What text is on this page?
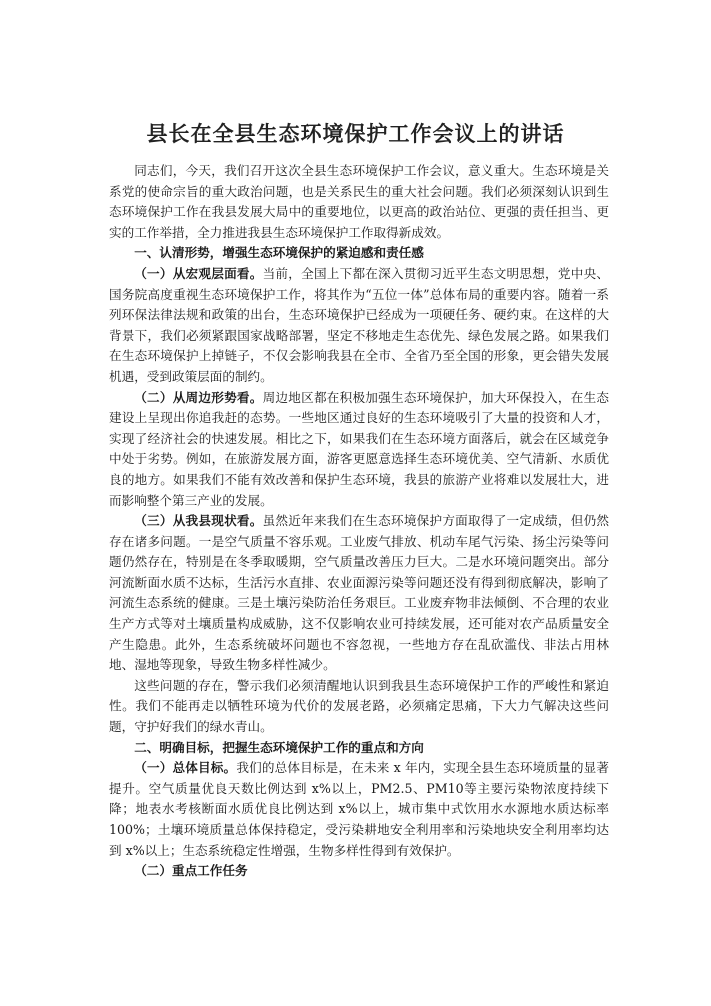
县长在全县生态环境保护工作会议上的讲话

同志们，今天，我们召开这次全县生态环境保护工作会议，意义重大。生态环境是关系党的使命宗旨的重大政治问题，也是关系民生的重大社会问题。我们必须深刻认识到生态环境保护工作在我县发展大局中的重要地位，以更高的政治站位、更强的责任担当、更实的工作举措，全力推进我县生态环境保护工作取得新成效。

一、认清形势，增强生态环境保护的紧迫感和责任感

（一）从宏观层面看。当前，全国上下都在深入贯彻习近平生态文明思想，党中央、国务院高度重视生态环境保护工作，将其作为“五位一体”总体布局的重要内容。随着一系列环保法律法规和政策的出台，生态环境保护已经成为一项硬任务、硬约束。在这样的大背景下，我们必须紧跟国家战略部署，坚定不移地走生态优先、绿色发展之路。如果我们在生态环境保护上掉链子，不仅会影响我县在全市、全省乃至全国的形象，更会错失发展机遇，受到政策层面的制约。

（二）从周边形势看。周边地区都在积极加强生态环境保护，加大环保投入，在生态建设上呈现出你追我赶的态势。一些地区通过良好的生态环境吸引了大量的投资和人才，实现了经济社会的快速发展。相比之下，如果我们在生态环境方面落后，就会在区域竞争中处于劣势。例如，在旅游发展方面，游客更愿意选择生态环境优美、空气清新、水质优良的地方。如果我们不能有效改善和保护生态环境，我县的旅游产业将难以发展壮大，进而影响整个第三产业的发展。

（三）从我县现状看。虽然近年来我们在生态环境保护方面取得了一定成绩，但仍然存在诸多问题。一是空气质量不容乐观。工业废气排放、机动车尾气污染、扬尘污染等问题仍然存在，特别是在冬季取暖期，空气质量改善压力巨大。二是水环境问题突出。部分河流断面水质不达标，生活污水直排、农业面源污染等问题还没有得到彻底解决，影响了河流生态系统的健康。三是土壤污染防治任务艰巨。工业废弃物非法倾倒、不合理的农业生产方式等对土壤质量构成威胁，这不仅影响农业可持续发展，还可能对农产品质量安全产生隐患。此外，生态系统破坏问题也不容忽视，一些地方存在乱砍滥伐、非法占用林地、湿地等现象，导致生物多样性减少。

这些问题的存在，警示我们必须清醒地认识到我县生态环境保护工作的严峻性和紧迫性。我们不能再走以牺牲环境为代价的发展老路，必须痛定思痛，下大力气解决这些问题，守护好我们的绿水青山。

二、明确目标，把握生态环境保护工作的重点和方向

（一）总体目标。我们的总体目标是，在未来 x 年内，实现全县生态环境质量的显著提升。空气质量优良天数比例达到 x%以上，PM2.5、PM10等主要污染物浓度持续下降；地表水考核断面水质优良比例达到 x%以上，城市集中式饮用水水源地水质达标率 100%；土壤环境质量总体保持稳定，受污染耕地安全利用率和污染地块安全利用率均达到 x%以上；生态系统稳定性增强，生物多样性得到有效保护。

（二）重点工作任务
